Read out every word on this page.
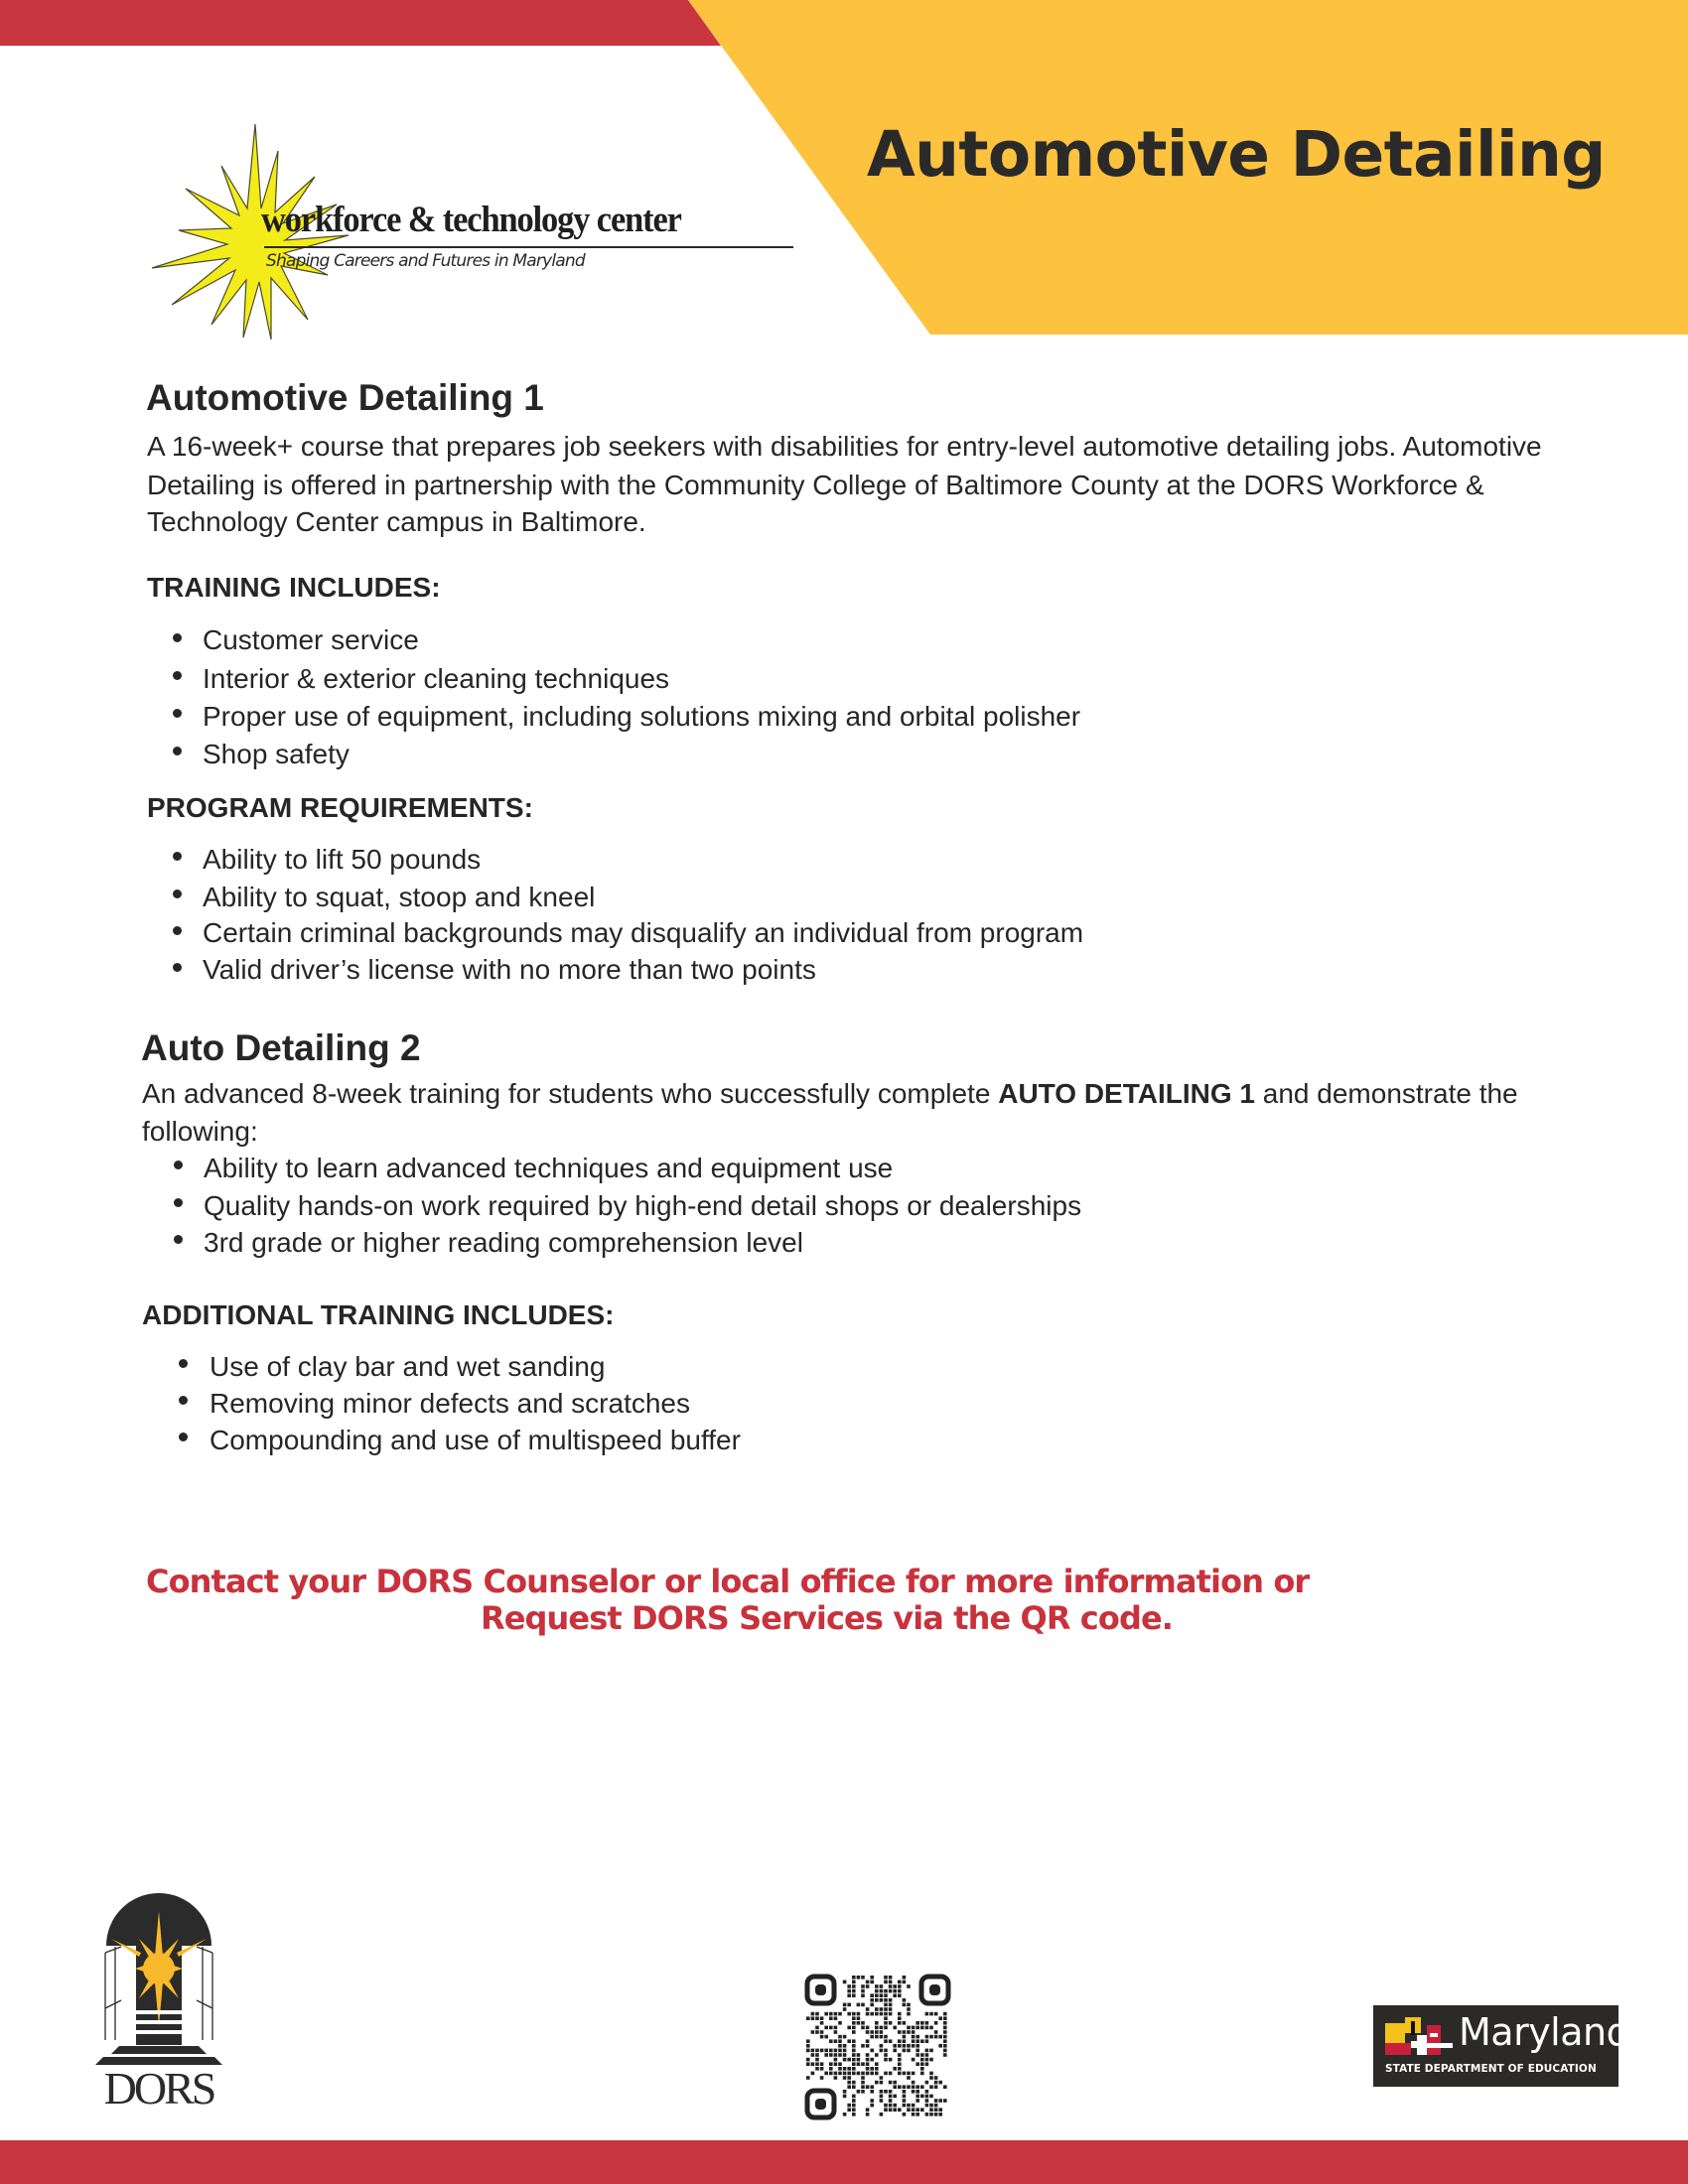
Automotive Detailing
workforce & technology center
Shaping Careers and Futures in Maryland
Automotive Detailing 1
A 16-week+ course that prepares job seekers with disabilities for entry-level automotive detailing jobs. Automotive
Detailing is offered in partnership with the Community College of Baltimore County at the DORS Workforce &
Technology Center campus in Baltimore.
TRAINING INCLUDES:
Customer service
Interior & exterior cleaning techniques
Proper use of equipment, including solutions mixing and orbital polisher
Shop safety
PROGRAM REQUIREMENTS:
Ability to lift 50 pounds
Ability to squat, stoop and kneel
Certain criminal backgrounds may disqualify an individual from program
Valid driver’s license with no more than two points
Auto Detailing 2
An advanced 8-week training for students who successfully complete AUTO DETAILING 1 and demonstrate the
following:
Ability to learn advanced techniques and equipment use
Quality hands-on work required by high-end detail shops or dealerships
3rd grade or higher reading comprehension level
ADDITIONAL TRAINING INCLUDES:
Use of clay bar and wet sanding
Removing minor defects and scratches
Compounding and use of multispeed buffer
Contact your DORS Counselor or local office for more information or
Request DORS Services via the QR code.
DORS
Maryland
STATE DEPARTMENT OF EDUCATION
